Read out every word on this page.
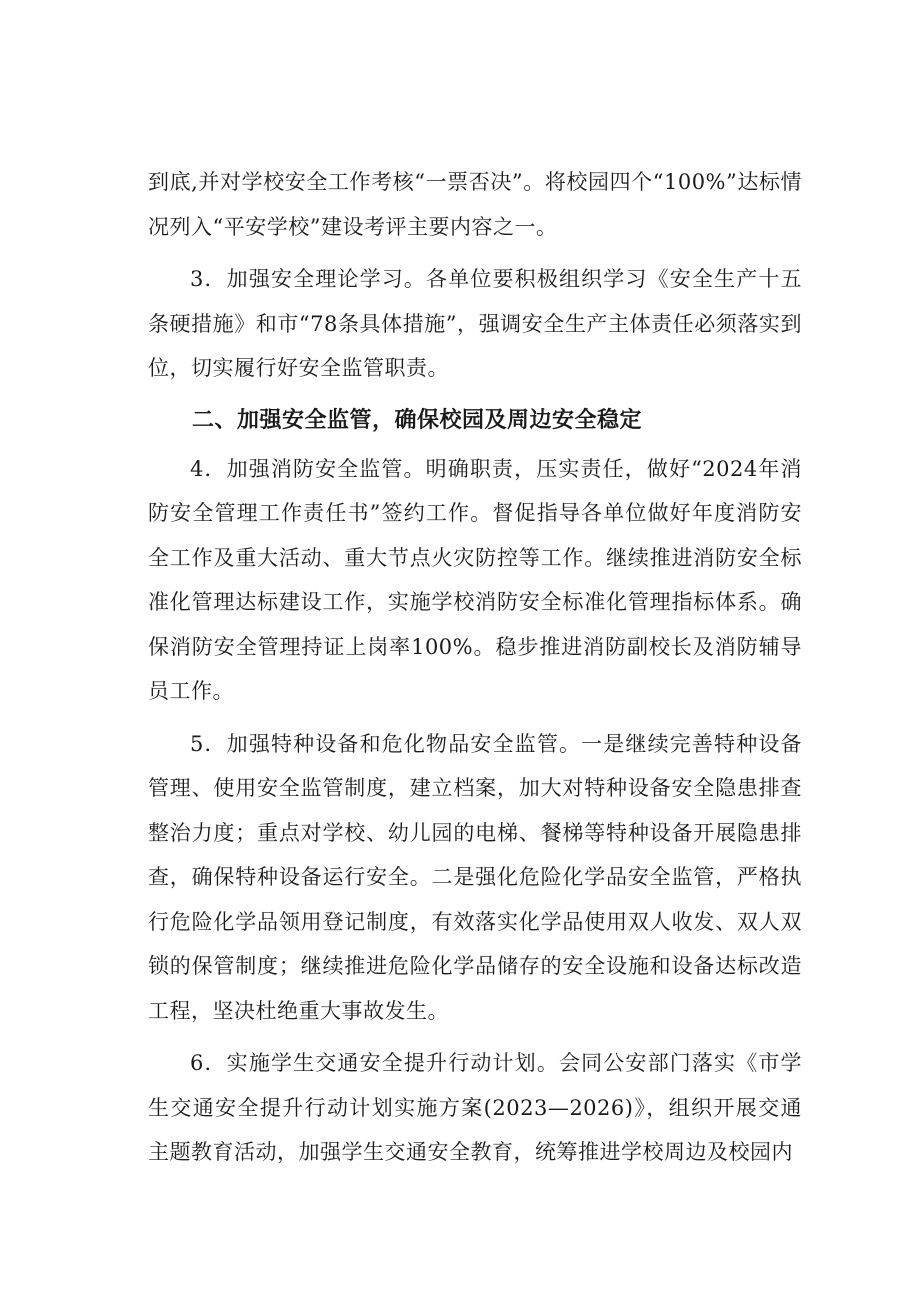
到底,并对学校安全工作考核“一票否决”。将校园四个“100%”达标情况列入“平安学校”建设考评主要内容之一。

3．加强安全理论学习。各单位要积极组织学习《安全生产十五条硬措施》和市“78条具体措施”，强调安全生产主体责任必须落实到位，切实履行好安全监管职责。

二、加强安全监管，确保校园及周边安全稳定

4．加强消防安全监管。明确职责，压实责任，做好“2024年消防安全管理工作责任书”签约工作。督促指导各单位做好年度消防安全工作及重大活动、重大节点火灾防控等工作。继续推进消防安全标准化管理达标建设工作，实施学校消防安全标准化管理指标体系。确保消防安全管理持证上岗率100%。稳步推进消防副校长及消防辅导员工作。

5．加强特种设备和危化物品安全监管。一是继续完善特种设备管理、使用安全监管制度，建立档案，加大对特种设备安全隐患排查整治力度；重点对学校、幼儿园的电梯、餐梯等特种设备开展隐患排查，确保特种设备运行安全。二是强化危险化学品安全监管，严格执行危险化学品领用登记制度，有效落实化学品使用双人收发、双人双锁的保管制度；继续推进危险化学品储存的安全设施和设备达标改造工程，坚决杜绝重大事故发生。

6．实施学生交通安全提升行动计划。会同公安部门落实《市学生交通安全提升行动计划实施方案(2023—2026)》，组织开展交通主题教育活动，加强学生交通安全教育，统筹推进学校周边及校园内
